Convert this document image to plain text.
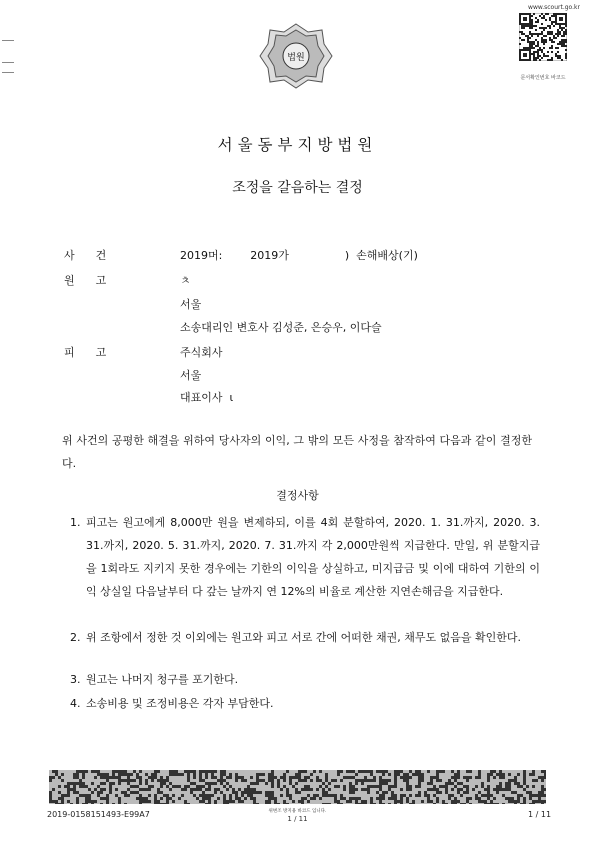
법원
www.scourt.go.kr
문서확인번호 바코드
서울동부지방법원
조정을 갈음하는 결정
사      건	2019머:        2019가                )  손해배상(기)
원      고	ㅊ
서울
소송대리인 변호사 김성준, 은승우, 이다슬
피      고	주식회사
서울
대표이사  ι
위 사건의 공평한 해결을 위하여 당사자의 이익, 그 밖의 모든 사정을 참작하여 다음과 같이 결정한다.
결정사항
1. 피고는 원고에게 8,000만 원을 변제하되, 이를 4회 분할하여, 2020. 1. 31.까지, 2020. 3. 31.까지, 2020. 5. 31.까지, 2020. 7. 31.까지 각 2,000만원씩 지급한다. 만일, 위 분할지급을 1회라도 지키지 못한 경우에는 기한의 이익을 상실하고, 미지급금 및 이에 대하여 기한의 이익 상실일 다음날부터 다 갚는 날까지 연 12%의 비율로 계산한 지연손해금을 지급한다.
2. 위 조항에서 정한 것 이외에는 원고와 피고 서로 간에 어떠한 채권, 채무도 없음을 확인한다.
3. 원고는 나머지 청구를 포기한다.
4. 소송비용 및 조정비용은 각자 부담한다.
2019-0158151493-E99A7	위변조 방지용 바코드 입니다.
1 / 11	1 / 11
